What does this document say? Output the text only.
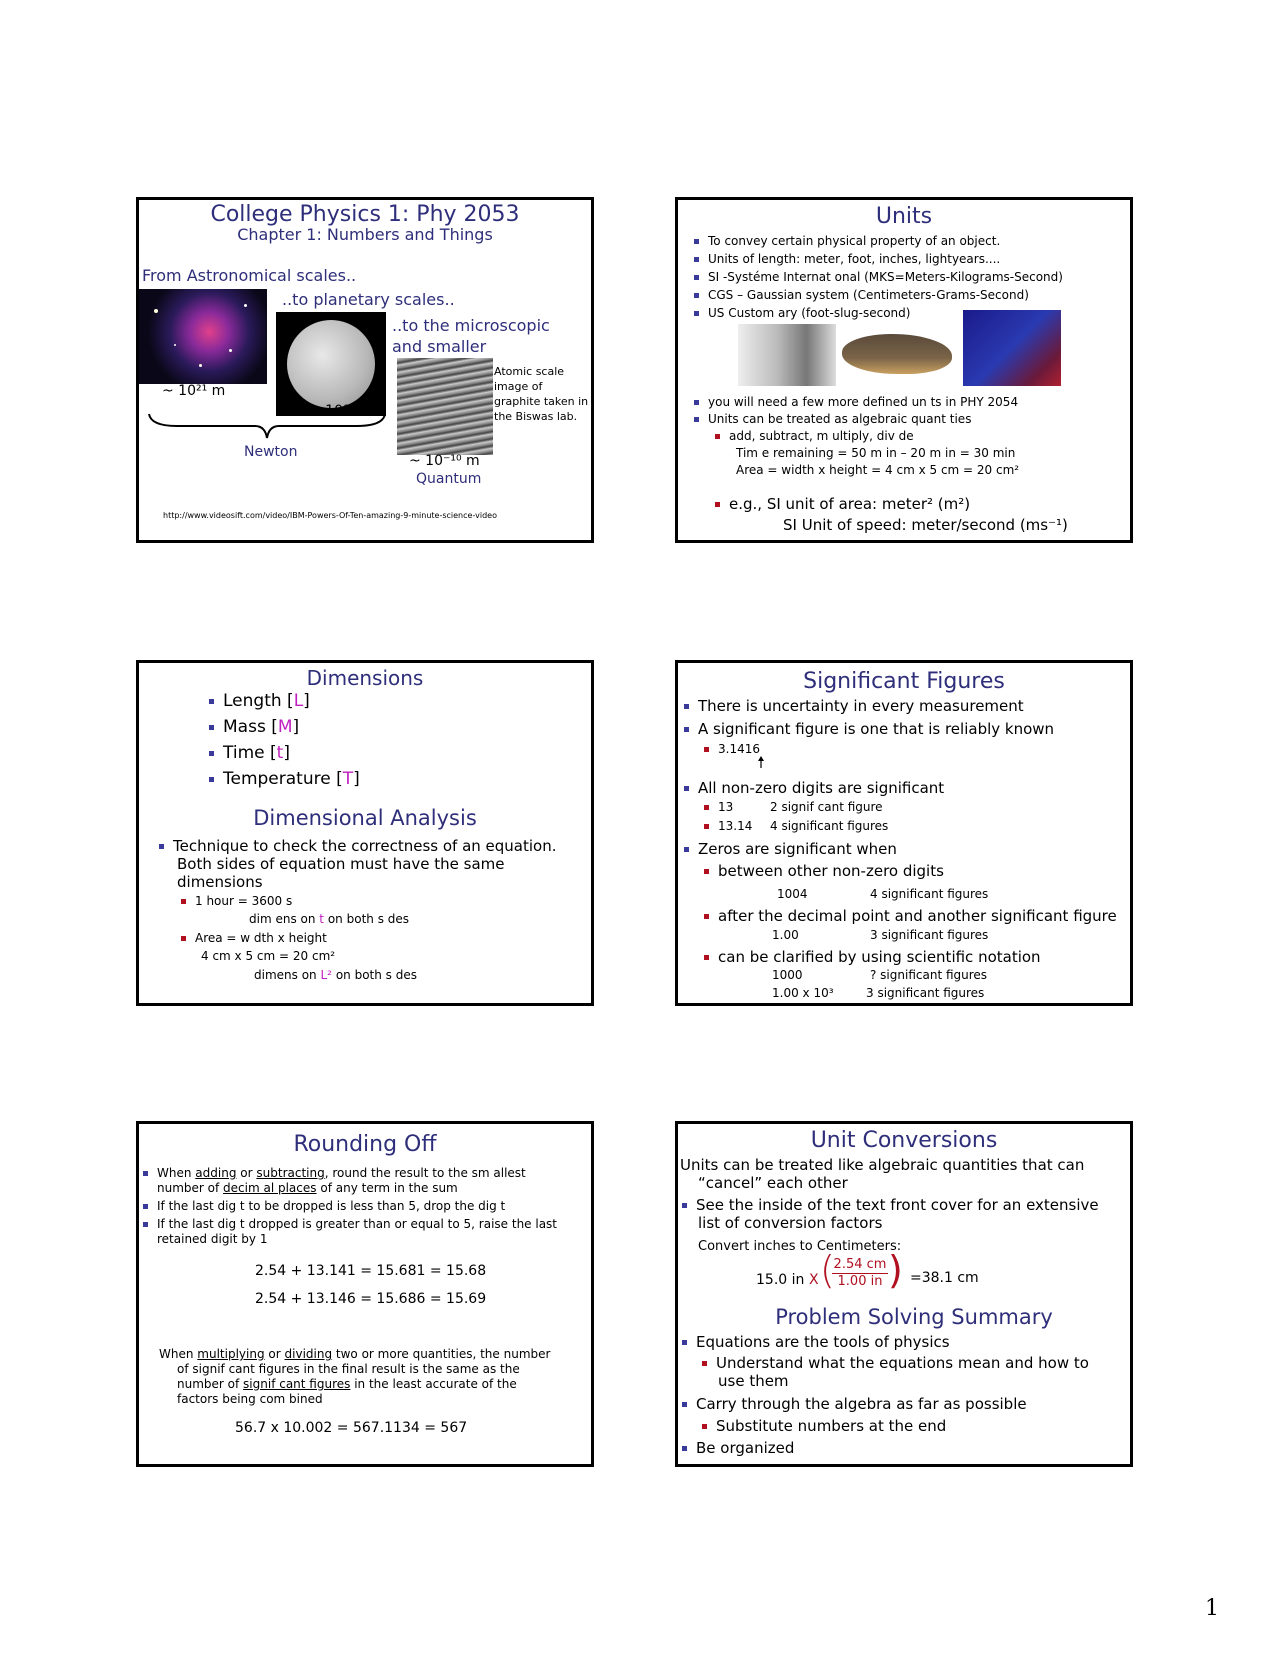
College Physics 1: Phy 2053
Chapter 1: Numbers and Things
From Astronomical scales..
..to planetary scales..
..to the microscopic
and smaller
Atomic scale
image of
graphite taken in
the Biswas lab.
~ 10²¹ m
~ 10⁶ m
Newton
~ 10⁻¹⁰ m
Quantum
http://www.videosift.com/video/IBM-Powers-Of-Ten-amazing-9-minute-science-video
Units
To convey certain physical property of an object.
Units of length: meter, foot, inches, lightyears....
SI -Systéme Internat onal (MKS=Meters-Kilograms-Second)
CGS – Gaussian system (Centimeters-Grams-Second)
US Custom ary (foot-slug-second)
you will need a few more defined un ts in PHY 2054
Units can be treated as algebraic quant ties
add, subtract, m ultiply, div de
Tim e remaining = 50 m in – 20 m in = 30 min
Area = width x height = 4 cm x 5 cm = 20 cm²
e.g., SI unit of area: meter² (m²)
SI Unit of speed: meter/second (ms⁻¹)
Dimensions
Length [L]
Mass [M]
Time [t]
Temperature [T]
Dimensional Analysis
Technique to check the correctness of an equation.
Both sides of equation must have the same
dimensions
1 hour = 3600 s
dim ens on t on both s des
Area = w dth x height
4 cm x 5 cm = 20 cm²
dimens on L² on both s des
Significant Figures
There is uncertainty in every measurement
A significant figure is one that is reliably known
3.1416
All non-zero digits are significant
13	2 signif cant figure
13.14 4 significant figures
Zeros are significant when
between other non-zero digits
1004	4 significant figures
after the decimal point and another significant figure
1.00	3 significant figures
can be clarified by using scientific notation
1000	? significant figures
1.00 x 10³	3 significant figures
Rounding Off
When adding or subtracting, round the result to the sm allest
number of decim al places of any term in the sum
If the last dig t to be dropped is less than 5, drop the dig t
If the last dig t dropped is greater than or equal to 5, raise the last
retained digit by 1
2.54 + 13.141 = 15.681 = 15.68
2.54 + 13.146 = 15.686 = 15.69
When multiplying or dividing two or more quantities, the number
of signif cant figures in the final result is the same as the
number of signif cant figures in the least accurate of the
factors being com bined
56.7 x 10.002 = 567.1134 = 567
Unit Conversions
Units can be treated like algebraic quantities that can
“cancel” each other
See the inside of the text front cover for an extensive
list of conversion factors
Convert inches to Centimeters:
15.0 in X (
2.54 cm
1.00 in ) =38.1 cm
Problem Solving Summary
Equations are the tools of physics
Understand what the equations mean and how to
use them
Carry through the algebra as far as possible
Substitute numbers at the end
Be organized
1
